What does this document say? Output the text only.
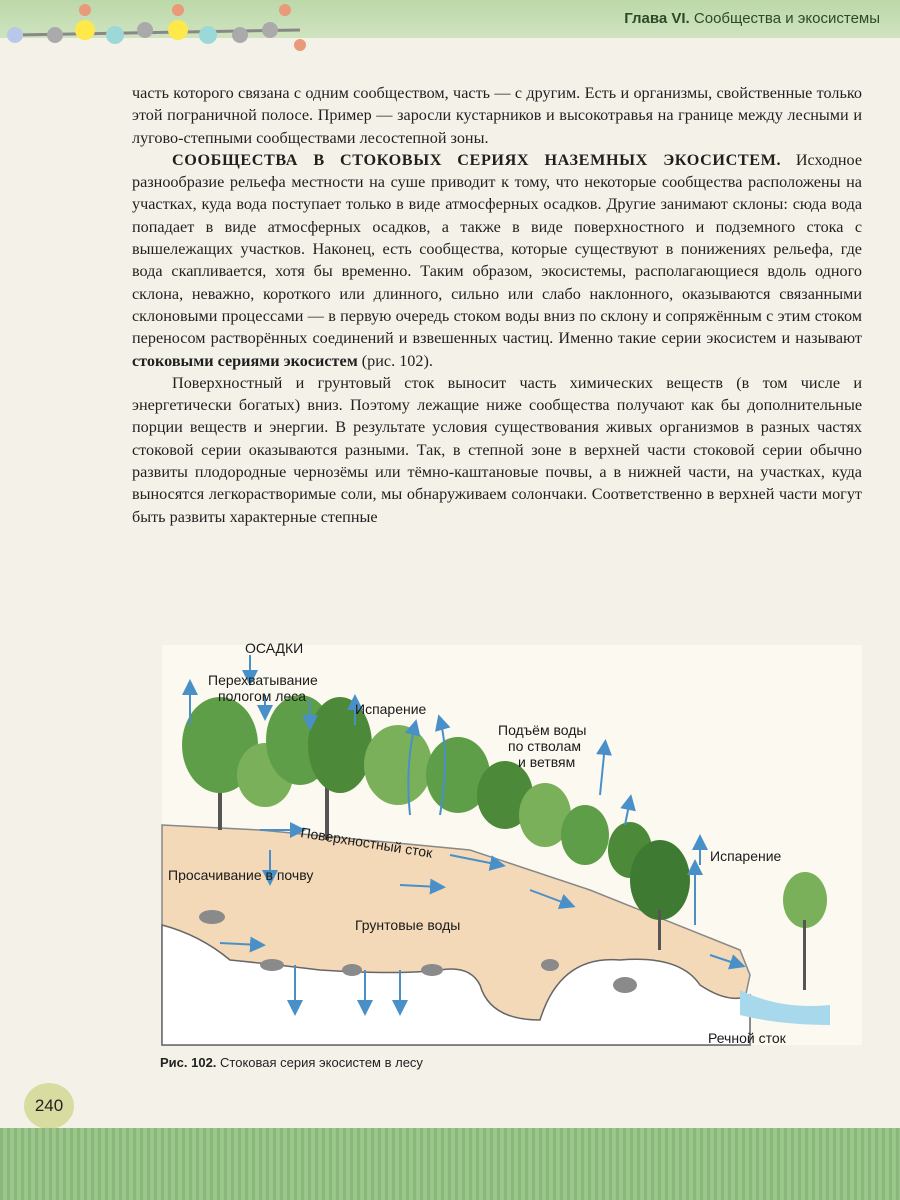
Глава VI. Сообщества и экосистемы

часть которого связана с одним сообществом, часть — с другим. Есть и организмы, свойственные только этой пограничной полосе. Пример — заросли кустарников и высокотравья на границе между лесными и лугово-степными сообществами лесостепной зоны.

СООБЩЕСТВА В СТОКОВЫХ СЕРИЯХ НАЗЕМНЫХ ЭКОСИСТЕМ. Исходное разнообразие рельефа местности на суше приводит к тому, что некоторые сообщества расположены на участках, куда вода поступает только в виде атмосферных осадков. Другие занимают склоны: сюда вода попадает в виде атмосферных осадков, а также в виде поверхностного и подземного стока с вышележащих участков. Наконец, есть сообщества, которые существуют в понижениях рельефа, где вода скапливается, хотя бы временно. Таким образом, экосистемы, располагающиеся вдоль одного склона, неважно, короткого или длинного, сильно или слабо наклонного, оказываются связанными склоновыми процессами — в первую очередь стоком воды вниз по склону и сопряжённым с этим стоком переносом растворённых соединений и взвешенных частиц. Именно такие серии экосистем и называют стоковыми сериями экосистем (рис. 102).

Поверхностный и грунтовый сток выносит часть химических веществ (в том числе и энергетически богатых) вниз. Поэтому лежащие ниже сообщества получают как бы дополнительные порции веществ и энергии. В результате условия существования живых организмов в разных частях стоковой серии оказываются разными. Так, в степной зоне в верхней части стоковой серии обычно развиты плодородные чернозёмы или тёмно-каштановые почвы, а в нижней части, на участках, куда выносятся легкорастворимые соли, мы обнаруживаем солончаки. Соответственно в верхней части могут быть развиты характерные степные

ОСАДКИ
Перехватывание
пологом леса
Испарение
Подъём воды
по стволам
и ветвям
Поверхностный сток	Испарение
Просачивание в почву
Грунтовые воды
Речной сток
Рис. 102. Стоковая серия экосистем в лесу
240
